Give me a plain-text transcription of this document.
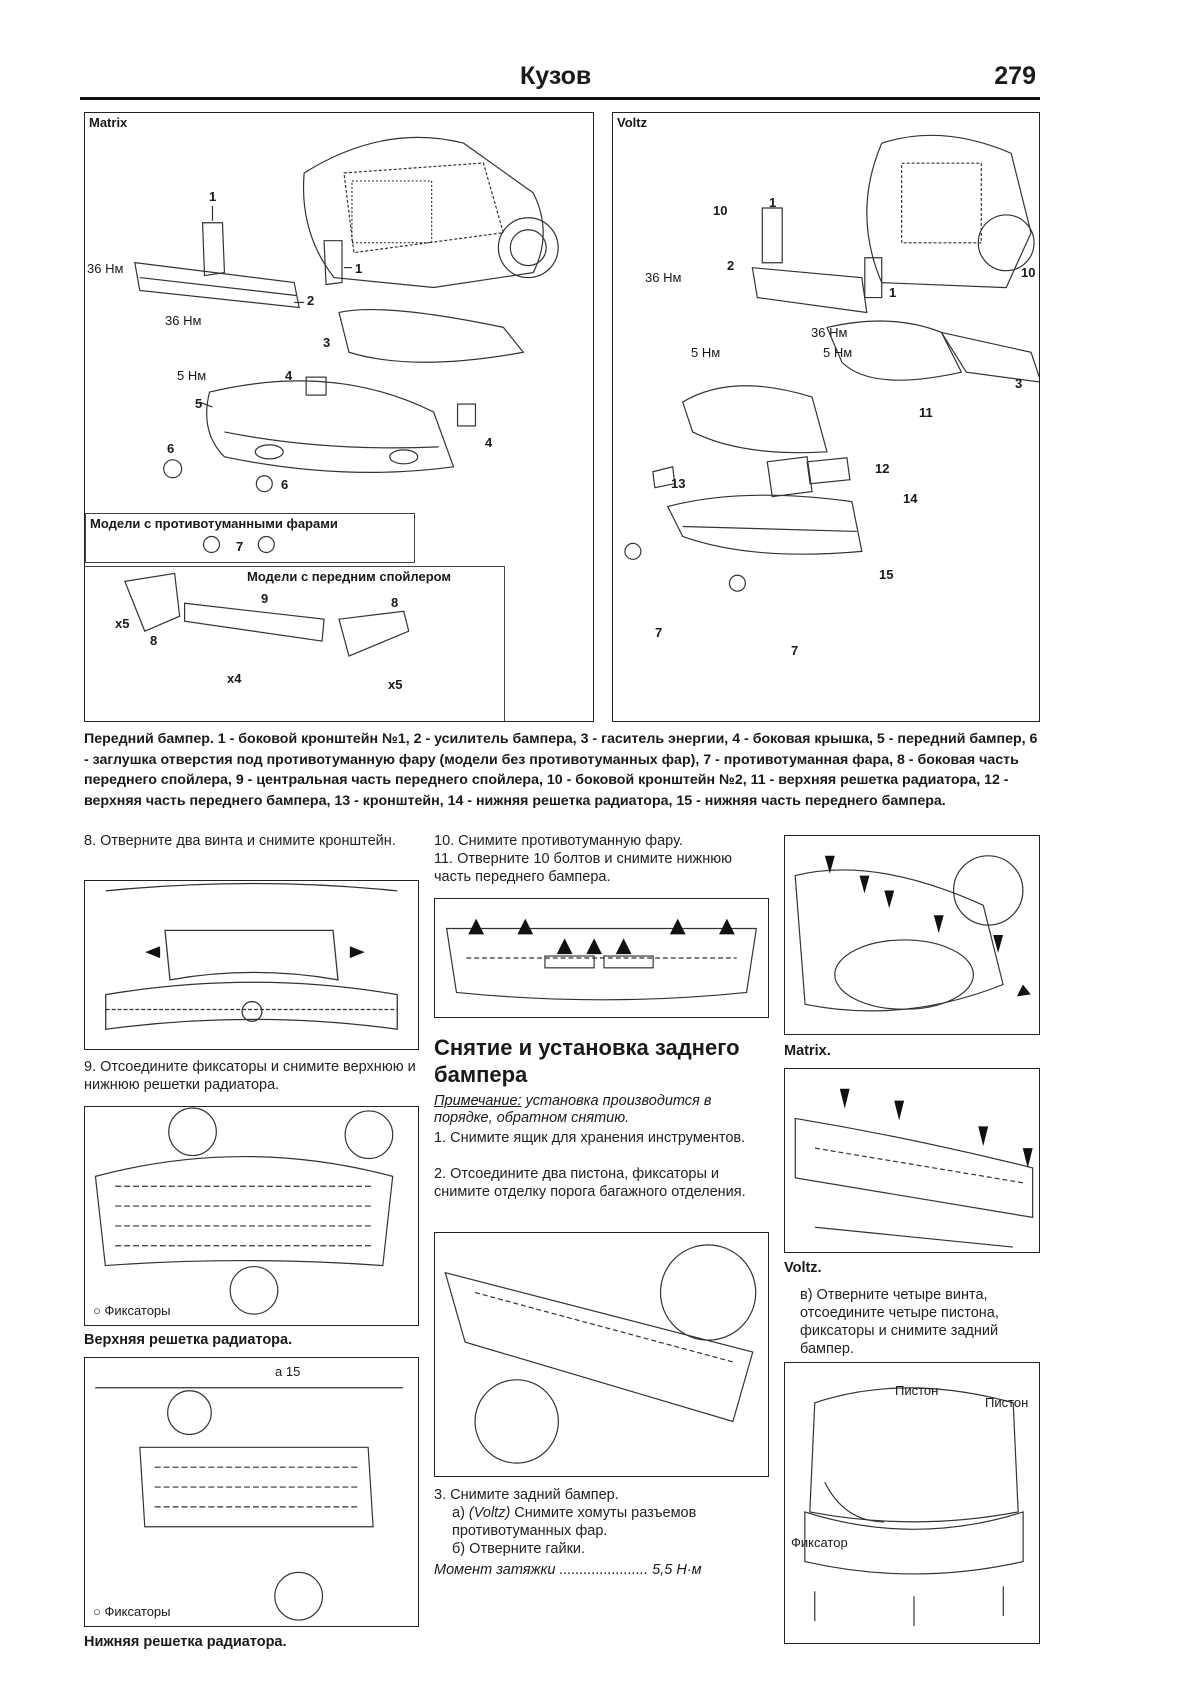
Кузов	279
Matrix
36 Нм
36 Нм
5 Нм
1
1
2
3
4
4
5
6
6
7
8
8
9
Модели с противотуманными фарами
Модели с передним спойлером
x5
x4	x5
Voltz
36 Нм
36 Нм
5 Нм	5 Нм
10
1
2
1
10
3
11
12
13
14
15
7
7
Передний бампер. 1 - боковой кронштейн №1, 2 - усилитель бампера, 3 - гаситель энергии, 4 - боковая крышка, 5 - передний бампер, 6 - заглушка отверстия под противотуманную фару (модели без противотуманных фар), 7 - противотуманная фара, 8 - боковая часть переднего спойлера, 9 - центральная часть переднего спойлера, 10 - боковой кронштейн №2, 11 - верхняя решетка радиатора, 12 - верхняя часть переднего бампера, 13 - кронштейн, 14 - нижняя решетка радиатора, 15 - нижняя часть переднего бампера.
8. Отверните два винта и снимите кронштейн.
9. Отсоедините фиксаторы и снимите верхнюю и нижнюю решетки радиатора.
○ Фиксаторы
Верхняя решетка радиатора.
a 15
○ Фиксаторы
Нижняя решетка радиатора.
10. Снимите противотуманную фару.
11. Отверните 10 болтов и снимите нижнюю часть переднего бампера.
Снятие и установка заднего бампера
Примечание: установка производится в порядке, обратном снятию.
1. Снимите ящик для хранения инструментов.
2. Отсоедините два пистона, фиксаторы и снимите отделку порога багажного отделения.
3. Снимите задний бампер.
а) (Voltz) Снимите хомуты разъемов противотуманных фар.
б) Отверните гайки.
Момент затяжки ...................... 5,5 Н·м
Matrix.
Voltz.
в) Отверните четыре винта, отсоедините четыре пистона, фиксаторы и снимите задний бампер.
Пистон
Пистон
Фиксатор
